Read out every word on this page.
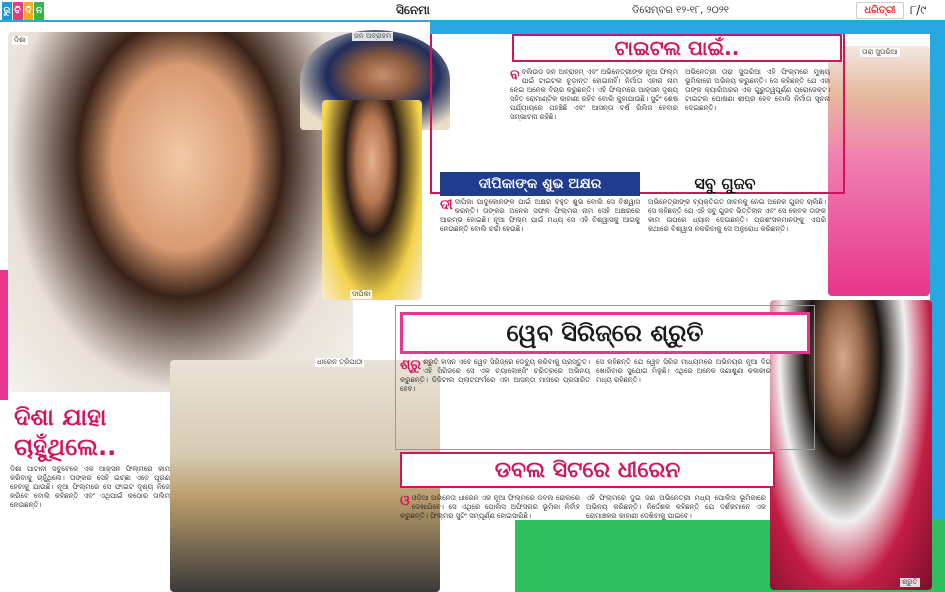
ରୁ ଚି ଦି ନ	ସିନେମା	ଡିସେମ୍ବର ୧୨-୧୮, ୨୦୨୧	ଧରିତ୍ରୀ	୮/୯
ଟାଇଟଲ ପାଇଁ..
ବବଲିଉଡ ଜନ ଅବ୍ରାହମ୍ ଏବଂ ଅଭିନେତ୍ରୀଙ୍କ ନୂଆ ଫିଲ୍ମ ପାଇଁ ଟାଇଟଲ ଚୂଡ଼ାନ୍ତ ହୋଇନାହିଁ। ନିର୍ମାତା ଏହାର ନାମ ନେଇ ଅନେକ ବିଚାର କରୁଛନ୍ତି। ଏହି ଫିଲ୍ମରେ ଆକ୍ସନ ଦୃଶ୍ୟ ସହିତ ରୋମାଣ୍ଟିକ କାହାଣୀ ରହିବ ବୋଲି କୁହାଯାଉଛି। ସୁଟିଂ ଶେଷ ପର୍ଯ୍ୟାୟରେ ପହଞ୍ଚିଛି ଏବଂ ଆସନ୍ତା ବର୍ଷ ରିଲିଜ ହେବାର ସମ୍ଭାବନା ରହିଛି।
ଅଭିନେତ୍ରୀ ତାରା ସୁତାରିଆ ଏହି ଫିଲ୍ମରେ ମୁଖ୍ୟ ଭୂମିକାରେ ଅଭିନୟ କରୁଛନ୍ତି। ସେ କହିଛନ୍ତି ଯେ ଏହା ତାଙ୍କ କ୍ୟାରିଅରର ଏକ ଗୁରୁତ୍ୱପୂର୍ଣ୍ଣ ପ୍ରୋଜେକ୍ଟ। ଟାଇଟଲ ଘୋଷଣା ଶୀଘ୍ର ହେବ ବୋଲି ନିର୍ମାତା ସୂଚନା ଦେଇଛନ୍ତି।
ଦୀପିକାଙ୍କ ଶୁଭ ଅକ୍ଷର	ସବୁ ଗୁଜବ
ଦୀଦୀପିକା ପାଦୁକୋନଙ୍କ ପାଇଁ ଅକ୍ଷର ବହୁତ ଶୁଭ ବୋଲି ସେ ବିଶ୍ୱାସ କରନ୍ତି। ତାଙ୍କର ଅନେକ ସଫଳ ଫିଲ୍ମର ନାମ ସେହି ଅକ୍ଷରରେ ଆରମ୍ଭ ହୋଇଛି। ନୂଆ ଫିଲ୍ମ ପାଇଁ ମଧ୍ୟ ସେ ଏହି ବିଶ୍ୱାସକୁ ଆଗକୁ ନେଉଛନ୍ତି ବୋଲି ଚର୍ଚ୍ଚା ହେଉଛି।
ଅଭିନେତ୍ରୀଙ୍କ ବ୍ୟକ୍ତିଗତ ଜୀବନକୁ ନେଇ ଅନେକ ଗୁଜବ ଚାଲିଛି। ସେ କହିଛନ୍ତି ଯେ ଏହି ସବୁ ଗୁଜବ ଭିତ୍ତିହୀନ ଏବଂ ସେ କେବଳ ତାଙ୍କ କାମ ଉପରେ ଧ୍ୟାନ ଦେଉଛନ୍ତି। ପ୍ରଶଂସକମାନଙ୍କୁ ଏପରି କଥାରେ ବିଶ୍ୱାସ ନକରିବାକୁ ସେ ଅନୁରୋଧ କରିଛନ୍ତି।
ୱେବ ସିରିଜ୍‌ରେ ଶ୍ରୁତି
ଶ୍ରୁ ଶ୍ରୁତି ହାସନ ଏବେ ୱେବ ସିରିଜ୍‌ରେ ଡେବ୍ୟୁ କରିବାକୁ ପ୍ରସ୍ତୁତ। ଏହି ସିରିଜରେ ସେ ଏକ ଚ୍ୟାଲେଞ୍ଜିଂ ଚରିତ୍ରରେ ଅଭିନୟ କରୁଛନ୍ତି। ଡିଜିଟାଲ ପ୍ଲାଟଫର୍ମରେ ଏହା ଆସନ୍ତା ମାସରେ ପ୍ରସାରିତ ହେବ।
ସେ କହିଛନ୍ତି ଯେ ୱେବ ସିରିଜ ମାଧ୍ୟମରେ ଅଭିନୟର ନୂଆ ଦିଗ ଖୋଜିବାର ସୁଯୋଗ ମିଳୁଛି। ଏଥିରେ ଅନେକ ଜଣାଶୁଣା କଳାକାର ମଧ୍ୟ ରହିଛନ୍ତି।
ଦିଶା ଯାହା ଚାହୁଁଥିଲେ..
ଦିଶା ପାଟାନୀ ସବୁବେଳେ ଏକ ଆକ୍ସନ ଫିଲ୍ମରେ କାମ କରିବାକୁ ଚାହୁଁଥିଲେ। ତାଙ୍କର ସେହି ଇଚ୍ଛା ଏବେ ପୂରଣ ହେବାକୁ ଯାଉଛି। ନୂଆ ଫିଲ୍ମରେ ସେ ଫାଇଟ ଦୃଶ୍ୟ ନିଜେ କରିବେ ବୋଲି କହିଛନ୍ତି ଏବଂ ଏଥିପାଇଁ କଠୋର ତାଲିମ ନେଉଛନ୍ତି।
ଡବଲ ସିଟରେ ଧୀରେନ
ଓଓଡ଼ିଆ ଅଭିନେତା ଧୀରେନ ଏକ ନୂଆ ଫିଲ୍ମରେ ଡବଲ ରୋଲରେ ଦେଖାଯିବେ। ସେ ଏଥିରେ ପୋଲିସ ଅଫିସରର ଭୂମିକା ନିର୍ବାହ କରୁଛନ୍ତି। ଫିଲ୍ମର ସୁଟିଂ ସମ୍ପୂର୍ଣ୍ଣ ହୋଇସାରିଛି।
ଏହି ଫିଲ୍ମରେ ଦୁଇ ଜଣ ଅଭିନେତ୍ରୀ ମଧ୍ୟ ପୋଲିସ ଭୂମିକାରେ ଅଭିନୟ କରିଛନ୍ତି। ନିର୍ଦ୍ଦେଶକ କହିଛନ୍ତି ଯେ ଦର୍ଶକମାନେ ଏକ ରୋମାଞ୍ଚକର କାହାଣୀ ଦେଖିବାକୁ ପାଇବେ।
ଦିଶା	ଜନ ଅବ୍ରାହମ
ଦୀପିକା
ତାରା ସୁତାରିଆ
ଧୀରେନ ତ୍ରିପାଠୀ
ଶ୍ରୁତି
